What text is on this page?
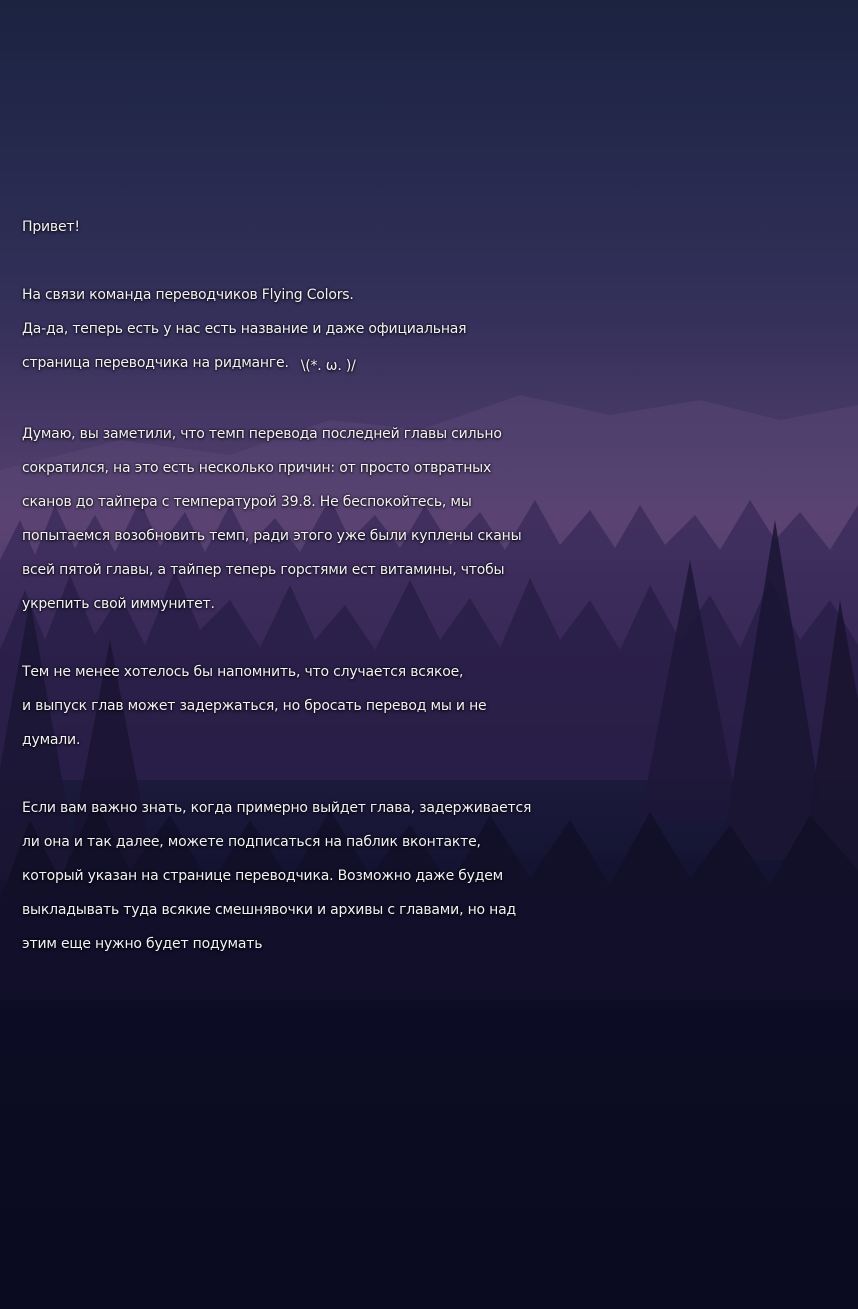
Привет!
На связи команда переводчиков Flying Colors.
Да-да, теперь есть у нас есть название и даже официальная
страница переводчика на ридманге. \(*. ω. )/
Думаю, вы заметили, что темп перевода последней главы сильно
сократился, на это есть несколько причин: от просто отвратных
сканов до тайпера с температурой 39.8. Не беспокойтесь, мы
попытаемся возобновить темп, ради этого уже были куплены сканы
всей пятой главы, а тайпер теперь горстями ест витамины, чтобы
укрепить свой иммунитет.
Тем не менее хотелось бы напомнить, что случается всякое,
и выпуск глав может задержаться, но бросать перевод мы и не
думали.
Если вам важно знать, когда примерно выйдет глава, задерживается
ли она и так далее, можете подписаться на паблик вконтакте,
который указан на странице переводчика. Возможно даже будем
выкладывать туда всякие смешнявочки и архивы с главами, но над
этим еще нужно будет подумать
